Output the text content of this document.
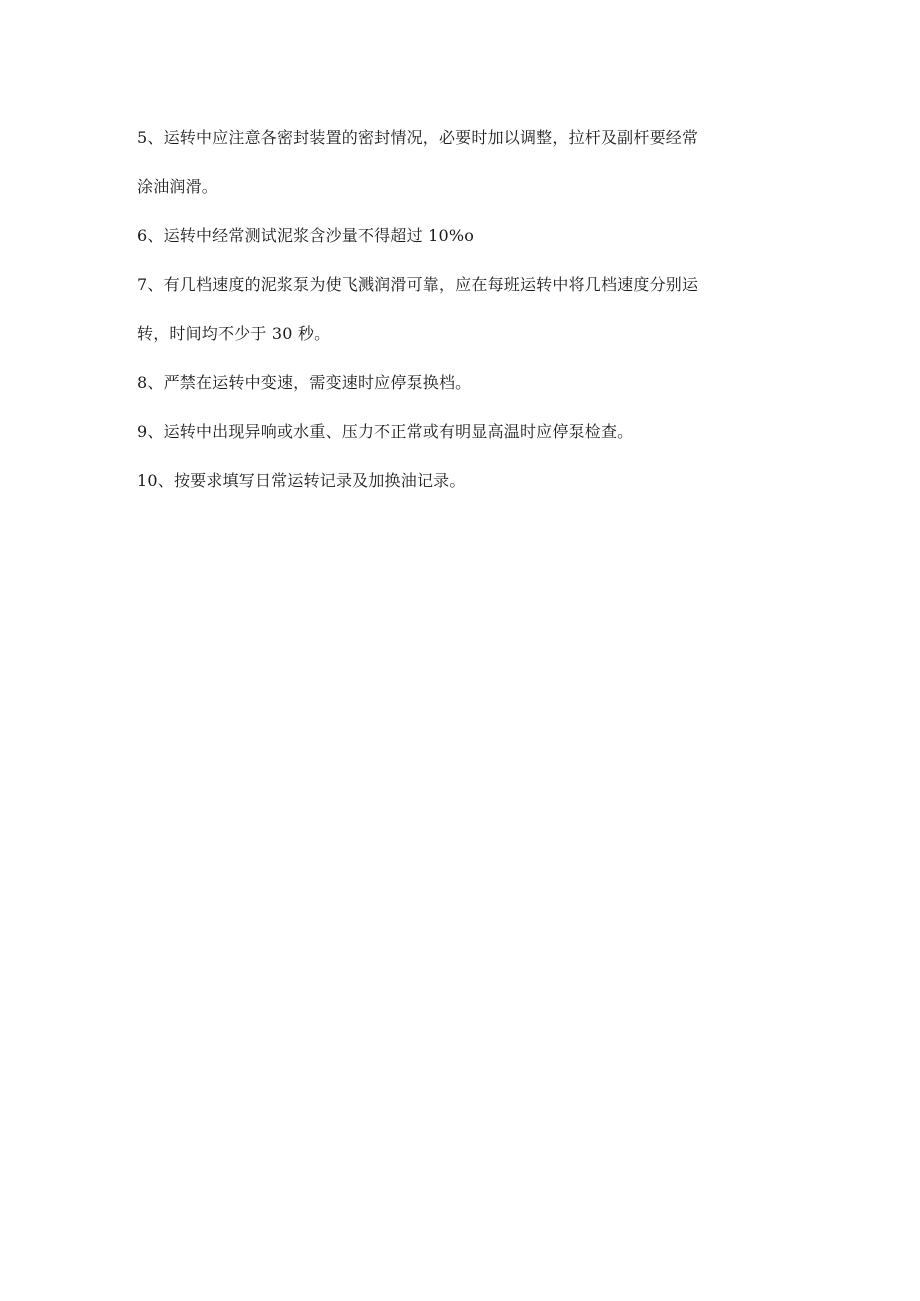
5、运转中应注意各密封装置的密封情况，必要时加以调整，拉杆及副杆要经常
涂油润滑。
6、运转中经常测试泥浆含沙量不得超过 10%o
7、有几档速度的泥浆泵为使飞溅润滑可靠，应在每班运转中将几档速度分别运
转，时间均不少于 30 秒。
8、严禁在运转中变速，需变速时应停泵换档。
9、运转中出现异响或水重、压力不正常或有明显高温时应停泵检查。
10、按要求填写日常运转记录及加换油记录。
